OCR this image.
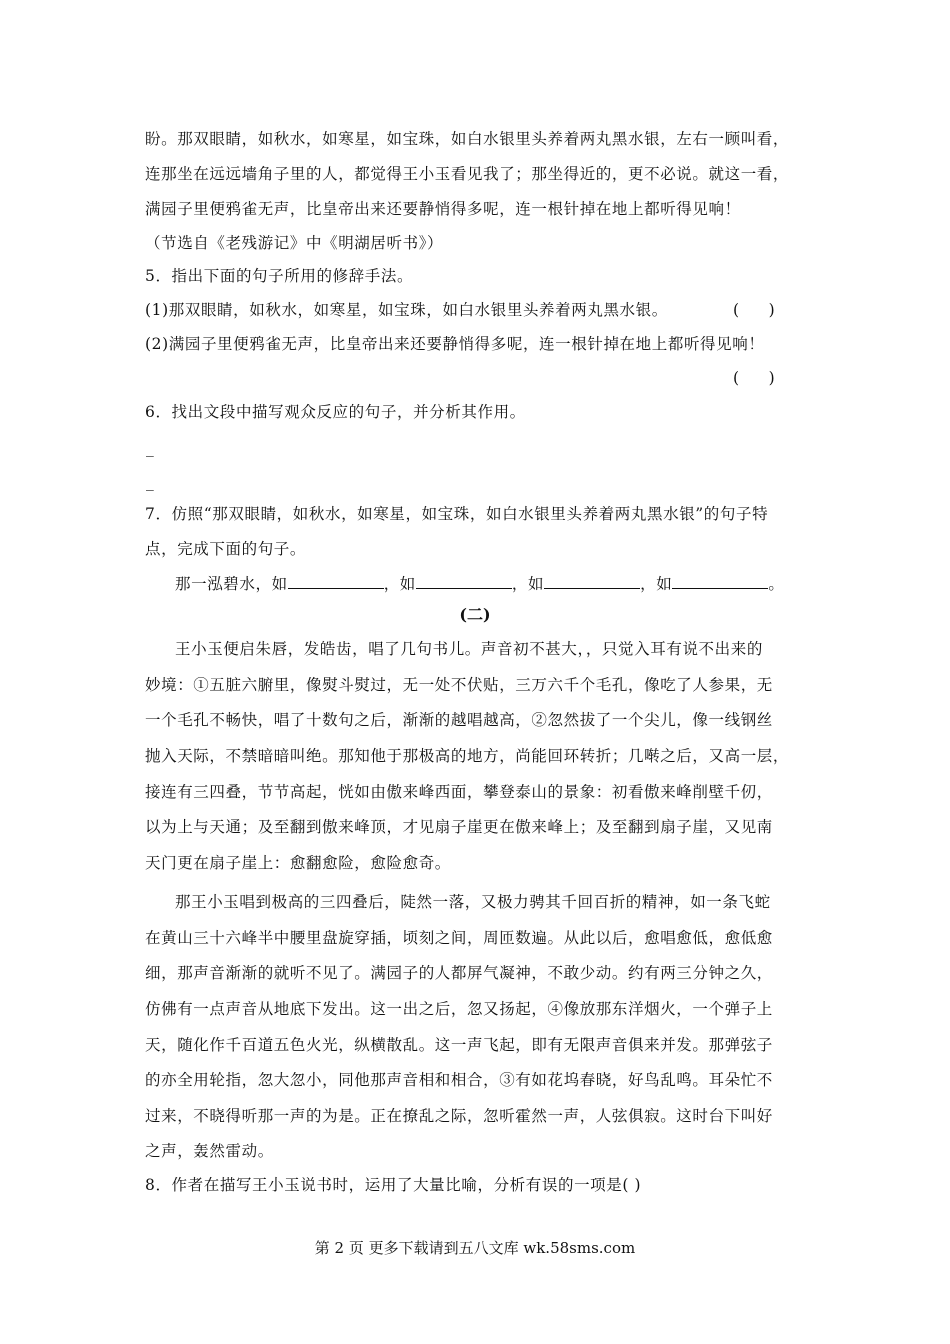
盼。那双眼睛，如秋水，如寒星，如宝珠，如白水银里头养着两丸黑水银，左右一顾叫看，
连那坐在远远墙角子里的人，都觉得王小玉看见我了；那坐得近的，更不必说。就这一看，
满园子里便鸦雀无声，比皇帝出来还要静悄得多呢，连一根针掉在地上都听得见响！
（节选自《老残游记》中《明湖居听书》）
5．指出下面的句子所用的修辞手法。
(1)那双眼睛，如秋水，如寒星，如宝珠，如白水银里头养着两丸黑水银。	(      )
(2)满园子里便鸦雀无声，比皇帝出来还要静悄得多呢，连一根针掉在地上都听得见响！
(      )
6．找出文段中描写观众反应的句子，并分析其作用。
_
_
7．仿照“那双眼睛，如秋水，如寒星，如宝珠，如白水银里头养着两丸黑水银”的句子特
点，完成下面的句子。
那一泓碧水，如	，如	，如	，如	。
(二)
王小玉便启朱唇，发皓齿，唱了几句书儿。声音初不甚大，，只觉入耳有说不出来的
妙境：①五脏六腑里，像熨斗熨过，无一处不伏贴，三万六千个毛孔，像吃了人参果，无
一个毛孔不畅快，唱了十数句之后，渐渐的越唱越高，②忽然拔了一个尖儿，像一线钢丝
抛入天际，不禁暗暗叫绝。那知他于那极高的地方，尚能回环转折；几啭之后，又高一层，
接连有三四叠，节节高起，恍如由傲来峰西面，攀登泰山的景象：初看傲来峰削壁千仞，
以为上与天通；及至翻到傲来峰顶，才见扇子崖更在傲来峰上；及至翻到扇子崖，又见南
天门更在扇子崖上：愈翻愈险，愈险愈奇。
那王小玉唱到极高的三四叠后，陡然一落，又极力骋其千回百折的精神，如一条飞蛇
在黄山三十六峰半中腰里盘旋穿插，顷刻之间，周匝数遍。从此以后，愈唱愈低，愈低愈
细，那声音渐渐的就听不见了。满园子的人都屏气凝神，不敢少动。约有两三分钟之久，
仿佛有一点声音从地底下发出。这一出之后，忽又扬起，④像放那东洋烟火，一个弹子上
天，随化作千百道五色火光，纵横散乱。这一声飞起，即有无限声音俱来并发。那弹弦子
的亦全用轮指，忽大忽小，同他那声音相和相合，③有如花坞春晓，好鸟乱鸣。耳朵忙不
过来，不晓得听那一声的为是。正在撩乱之际，忽听霍然一声，人弦俱寂。这时台下叫好
之声，轰然雷动。
8．作者在描写王小玉说书时，运用了大量比喻，分析有误的一项是( )
第 2 页 更多下载请到五八文库 wk.58sms.com
